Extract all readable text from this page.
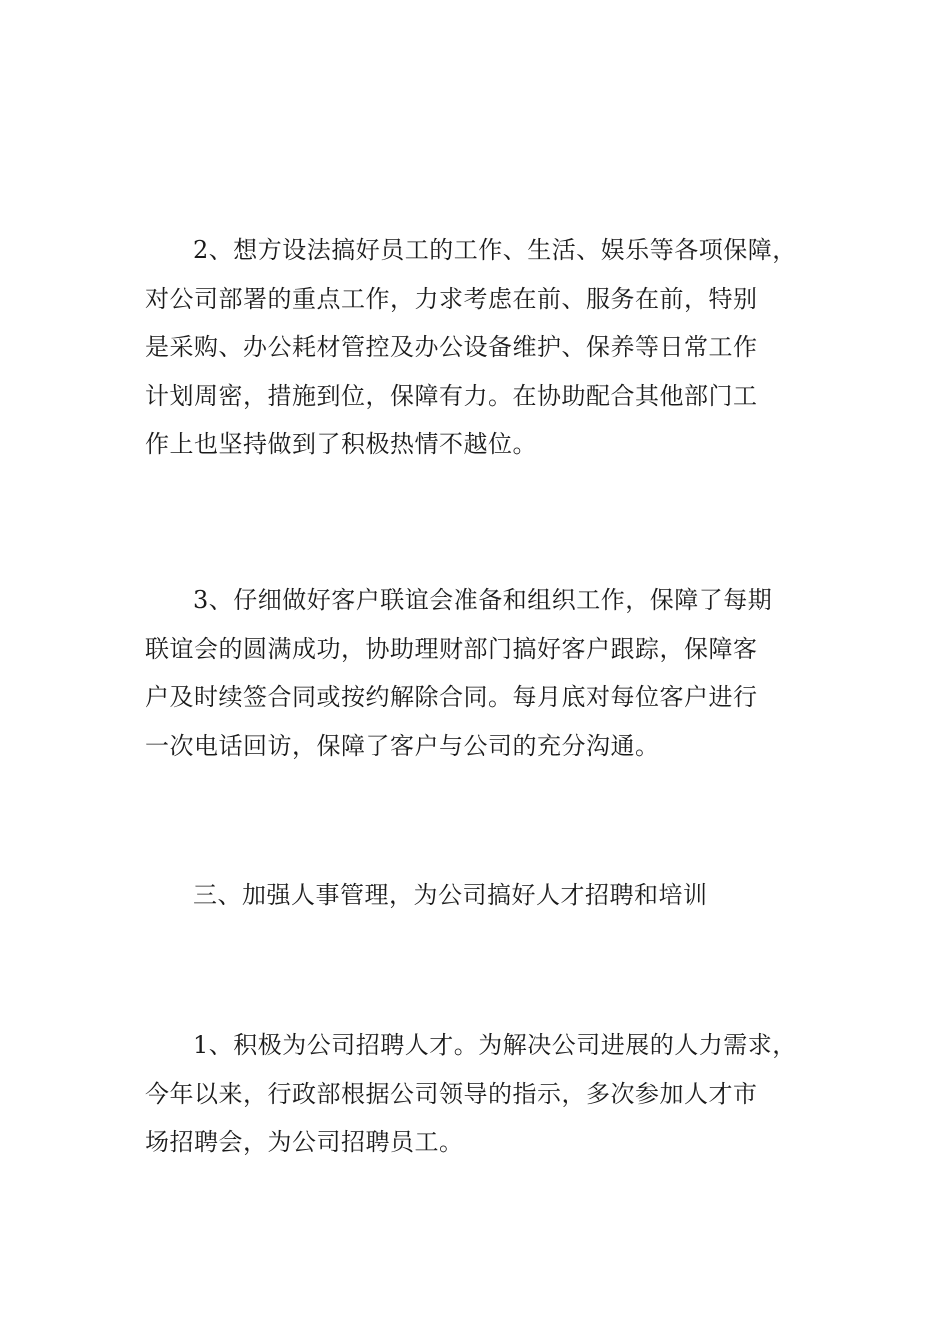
2、想方设法搞好员工的工作、生活、娱乐等各项保障，
对公司部署的重点工作，力求考虑在前、服务在前，特别
是采购、办公耗材管控及办公设备维护、保养等日常工作
计划周密，措施到位，保障有力。在协助配合其他部门工
作上也坚持做到了积极热情不越位。

3、仔细做好客户联谊会准备和组织工作，保障了每期
联谊会的圆满成功，协助理财部门搞好客户跟踪，保障客
户及时续签合同或按约解除合同。每月底对每位客户进行
一次电话回访，保障了客户与公司的充分沟通。

三、加强人事管理，为公司搞好人才招聘和培训

1、积极为公司招聘人才。为解决公司进展的人力需求，
今年以来，行政部根据公司领导的指示，多次参加人才市
场招聘会，为公司招聘员工。
